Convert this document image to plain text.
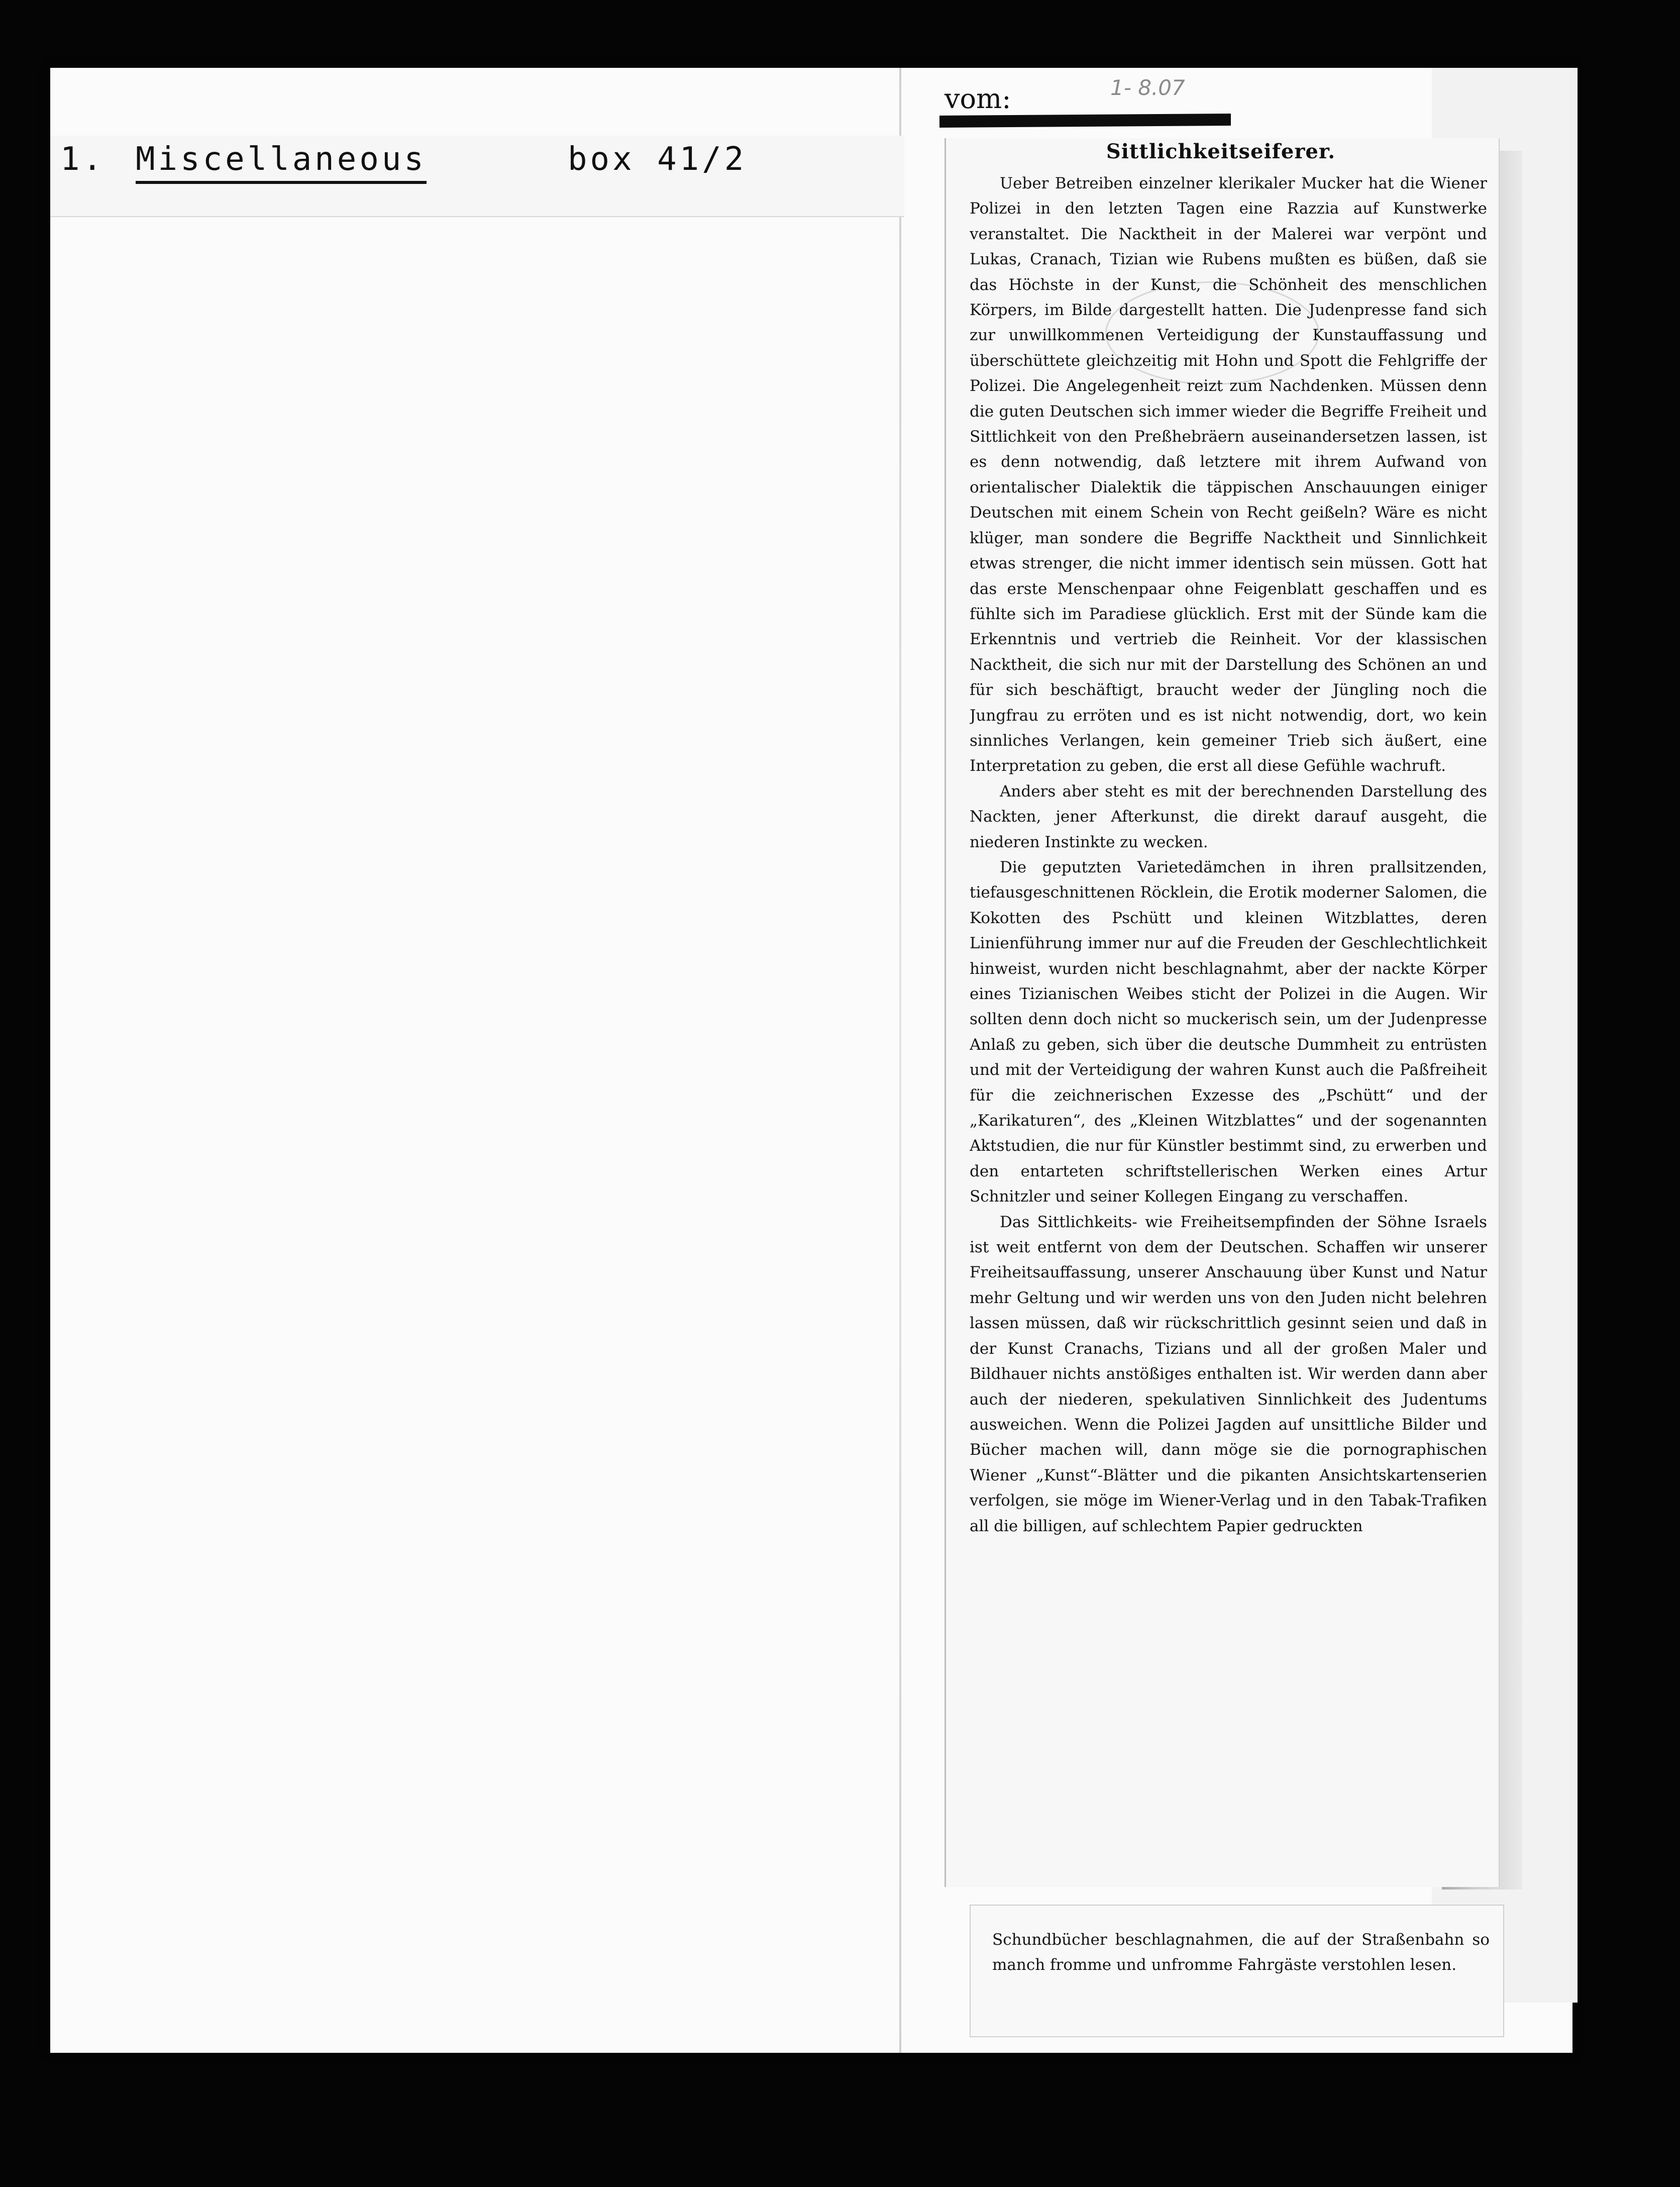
1. Miscellaneous	box 41/2
vom:	1- 8.07
Sittlichkeitseiferer.

Ueber Betreiben einzelner klerikaler Mucker hat die Wiener Polizei in den letzten Tagen eine Razzia auf Kunstwerke veranstaltet. Die Nacktheit in der Malerei war verpönt und Lukas, Cranach, Tizian wie Rubens mußten es büßen, daß sie das Höchste in der Kunst, die Schönheit des menschlichen Körpers, im Bilde dargestellt hatten. Die Judenpresse fand sich zur unwillkommenen Verteidigung der Kunstauffassung und überschüttete gleichzeitig mit Hohn und Spott die Fehlgriffe der Polizei. Die Angelegenheit reizt zum Nachdenken. Müssen denn die guten Deutschen sich immer wieder die Begriffe Freiheit und Sittlichkeit von den Preßhebräern auseinandersetzen lassen, ist es denn notwendig, daß letztere mit ihrem Aufwand von orientalischer Dialektik die täppischen Anschauungen einiger Deutschen mit einem Schein von Recht geißeln? Wäre es nicht klüger, man sondere die Begriffe Nacktheit und Sinnlichkeit etwas strenger, die nicht immer identisch sein müssen. Gott hat das erste Menschenpaar ohne Feigenblatt geschaffen und es fühlte sich im Paradiese glücklich. Erst mit der Sünde kam die Erkenntnis und vertrieb die Reinheit. Vor der klassischen Nacktheit, die sich nur mit der Darstellung des Schönen an und für sich beschäftigt, braucht weder der Jüngling noch die Jungfrau zu erröten und es ist nicht notwendig, dort, wo kein sinnliches Verlangen, kein gemeiner Trieb sich äußert, eine Interpretation zu geben, die erst all diese Gefühle wachruft.

Anders aber steht es mit der berechnenden Darstellung des Nackten, jener Afterkunst, die direkt darauf ausgeht, die niederen Instinkte zu wecken.

Die geputzten Varietedämchen in ihren prallsitzenden, tiefausgeschnittenen Röcklein, die Erotik moderner Salomen, die Kokotten des Pschütt und kleinen Witzblattes, deren Linienführung immer nur auf die Freuden der Geschlechtlichkeit hinweist, wurden nicht beschlagnahmt, aber der nackte Körper eines Tizianischen Weibes sticht der Polizei in die Augen. Wir sollten denn doch nicht so muckerisch sein, um der Judenpresse Anlaß zu geben, sich über die deutsche Dummheit zu entrüsten und mit der Verteidigung der wahren Kunst auch die Paßfreiheit für die zeichnerischen Exzesse des „Pschütt“ und der „Karikaturen“, des „Kleinen Witzblattes“ und der sogenannten Aktstudien, die nur für Künstler bestimmt sind, zu erwerben und den entarteten schriftstellerischen Werken eines Artur Schnitzler und seiner Kollegen Eingang zu verschaffen.

Das Sittlichkeits- wie Freiheitsempfinden der Söhne Israels ist weit entfernt von dem der Deutschen. Schaffen wir unserer Freiheitsauffassung, unserer Anschauung über Kunst und Natur mehr Geltung und wir werden uns von den Juden nicht belehren lassen müssen, daß wir rückschrittlich gesinnt seien und daß in der Kunst Cranachs, Tizians und all der großen Maler und Bildhauer nichts anstößiges enthalten ist. Wir werden dann aber auch der niederen, spekulativen Sinnlichkeit des Judentums ausweichen. Wenn die Polizei Jagden auf unsittliche Bilder und Bücher machen will, dann möge sie die pornographischen Wiener „Kunst“-Blätter und die pikanten Ansichtskartenserien verfolgen, sie möge im Wiener-Verlag und in den Tabak-Trafiken all die billigen, auf schlechtem Papier gedruckten

Schundbücher beschlagnahmen, die auf der Straßenbahn so manch fromme und unfromme Fahrgäste verstohlen lesen.
